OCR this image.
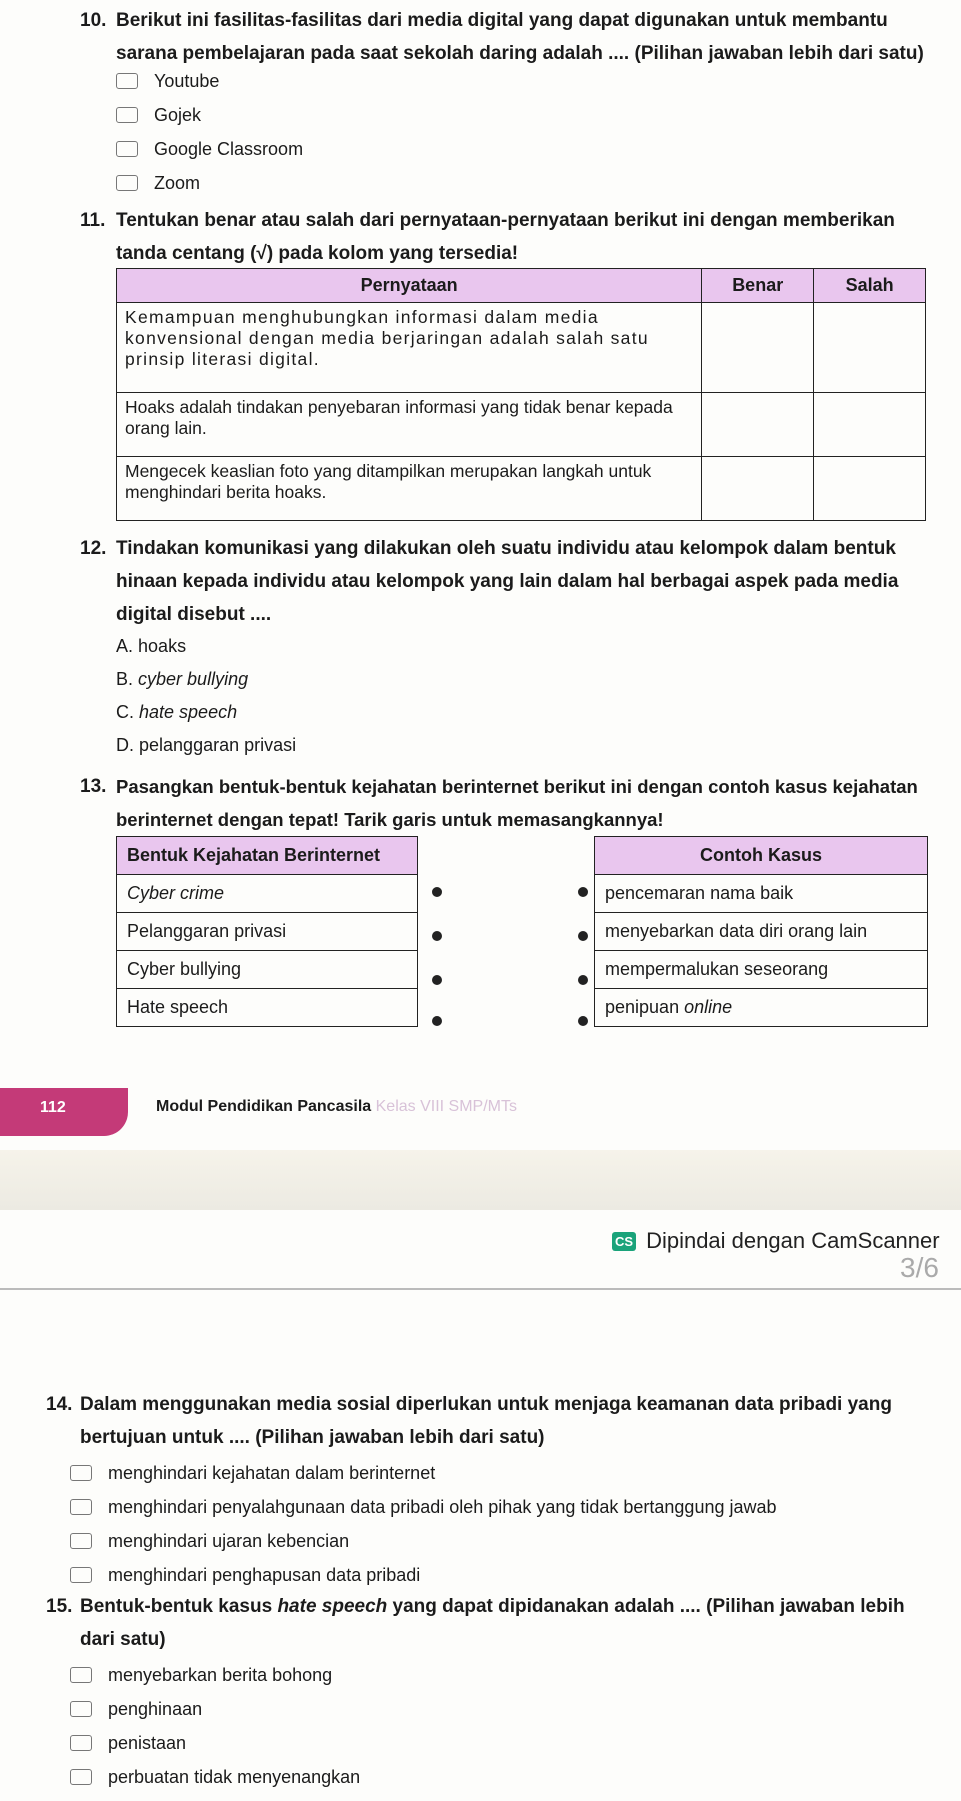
10. Berikut ini fasilitas-fasilitas dari media digital yang dapat digunakan untuk membantu sarana pembelajaran pada saat sekolah daring adalah .... (Pilihan jawaban lebih dari satu)
Youtube
Gojek
Google Classroom
Zoom
11. Tentukan benar atau salah dari pernyataan-pernyataan berikut ini dengan memberikan tanda centang (√) pada kolom yang tersedia!
Pernyataan	Benar	Salah
Kemampuan menghubungkan informasi dalam media konvensional dengan media berjaringan adalah salah satu prinsip literasi digital.		
Hoaks adalah tindakan penyebaran informasi yang tidak benar kepada orang lain.		
Mengecek keaslian foto yang ditampilkan merupakan langkah untuk menghindari berita hoaks.		
12. Tindakan komunikasi yang dilakukan oleh suatu individu atau kelompok dalam bentuk hinaan kepada individu atau kelompok yang lain dalam hal berbagai aspek pada media digital disebut ....
A. hoaks
B. cyber bullying
C. hate speech
D. pelanggaran privasi
13. Pasangkan bentuk-bentuk kejahatan berinternet berikut ini dengan contoh kasus kejahatan berinternet dengan tepat! Tarik garis untuk memasangkannya!
Bentuk Kejahatan Berinternet
Cyber crime
Pelanggaran privasi
Cyber bullying
Hate speech
Contoh Kasus
pencemaran nama baik
menyebarkan data diri orang lain
mempermalukan seseorang
penipuan online
112	Modul Pendidikan Pancasila Kelas VIII SMP/MTs
CS Dipindai dengan CamScanner
3/6
14. Dalam menggunakan media sosial diperlukan untuk menjaga keamanan data pribadi yang bertujuan untuk .... (Pilihan jawaban lebih dari satu)
menghindari kejahatan dalam berinternet
menghindari penyalahgunaan data pribadi oleh pihak yang tidak bertanggung jawab
menghindari ujaran kebencian
menghindari penghapusan data pribadi
15. Bentuk-bentuk kasus hate speech yang dapat dipidanakan adalah .... (Pilihan jawaban lebih dari satu)
menyebarkan berita bohong
penghinaan
penistaan
perbuatan tidak menyenangkan
